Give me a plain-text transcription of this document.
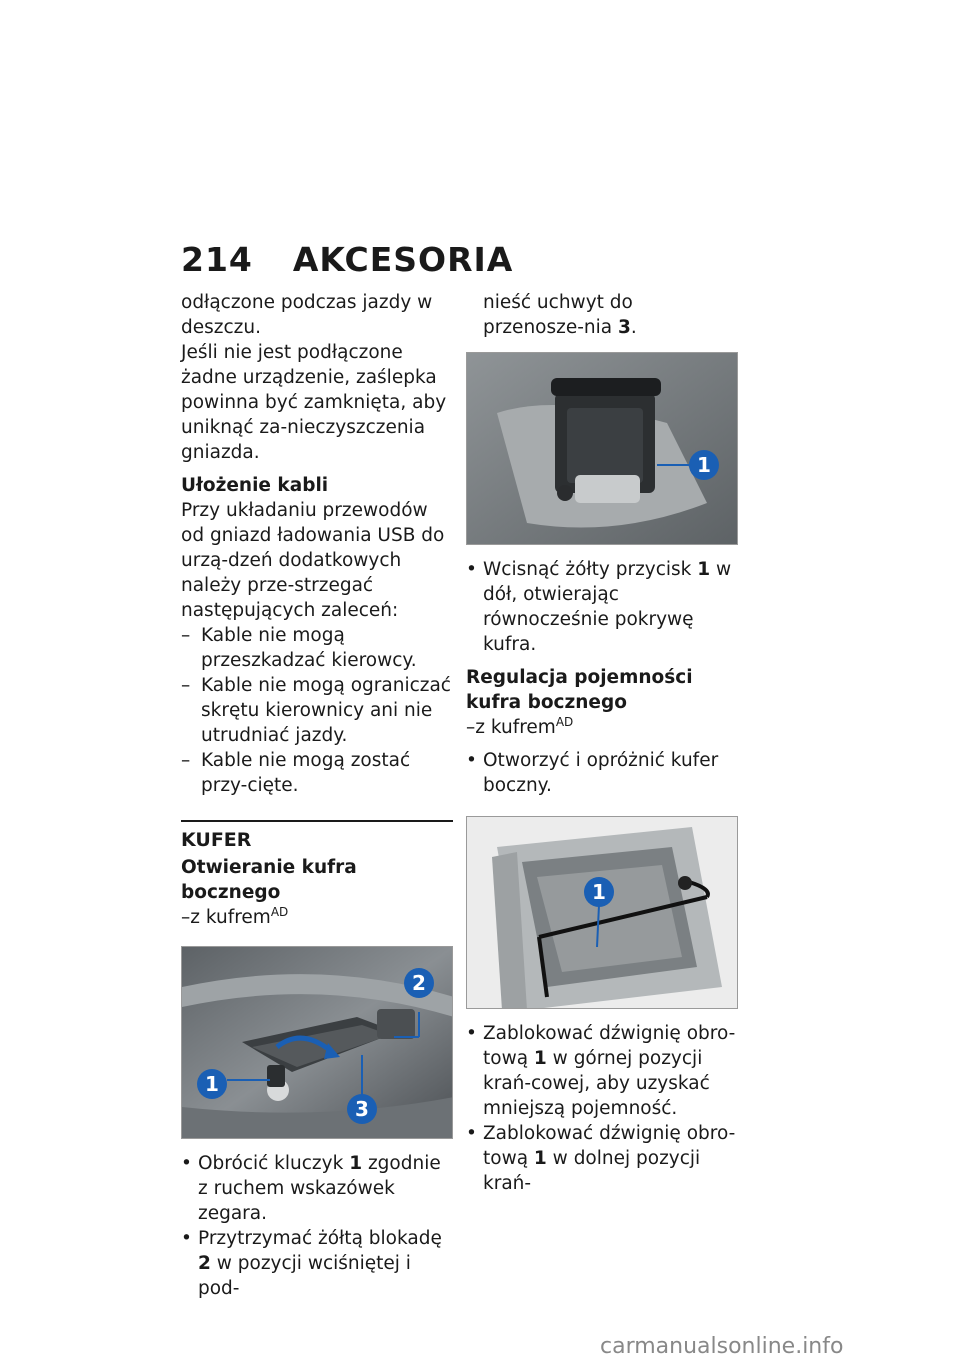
214 AKCESORIA
odłączone podczas jazdy w deszczu.
Jeśli nie jest podłączone żadne urządzenie, zaślepka powinna być zamknięta, aby uniknąć za-nieczyszczenia gniazda.
Ułożenie kabli
Przy układaniu przewodów od gniazd ładowania USB do urzą-dzeń dodatkowych należy prze-strzegać następujących zaleceń:
– Kable nie mogą przeszkadzać kierowcy.
– Kable nie mogą ograniczać skrętu kierownicy ani nie utrudniać jazdy.
– Kable nie mogą zostać przy-cięte.
KUFER
Otwieranie kufra bocznego
–z kufrem$^{AD}$
1
2
3
• Obrócić kluczyk 1 zgodnie z ruchem wskazówek zegara.
• Przytrzymać żółtą blokadę 2 w pozycji wciśniętej i pod-
nieść uchwyt do przenosze-nia 3.
1
• Wcisnąć żółty przycisk 1 w dół, otwierając równocześnie pokrywę kufra.
Regulacja pojemności kufra bocznego
–z kufrem$^{AD}$
• Otworzyć i opróżnić kufer boczny.
1
• Zablokować dźwignię obro-tową 1 w górnej pozycji krań-cowej, aby uzyskać mniejszą pojemność.
• Zablokować dźwignię obro-tową 1 w dolnej pozycji krań-
carmanualsonline.info
